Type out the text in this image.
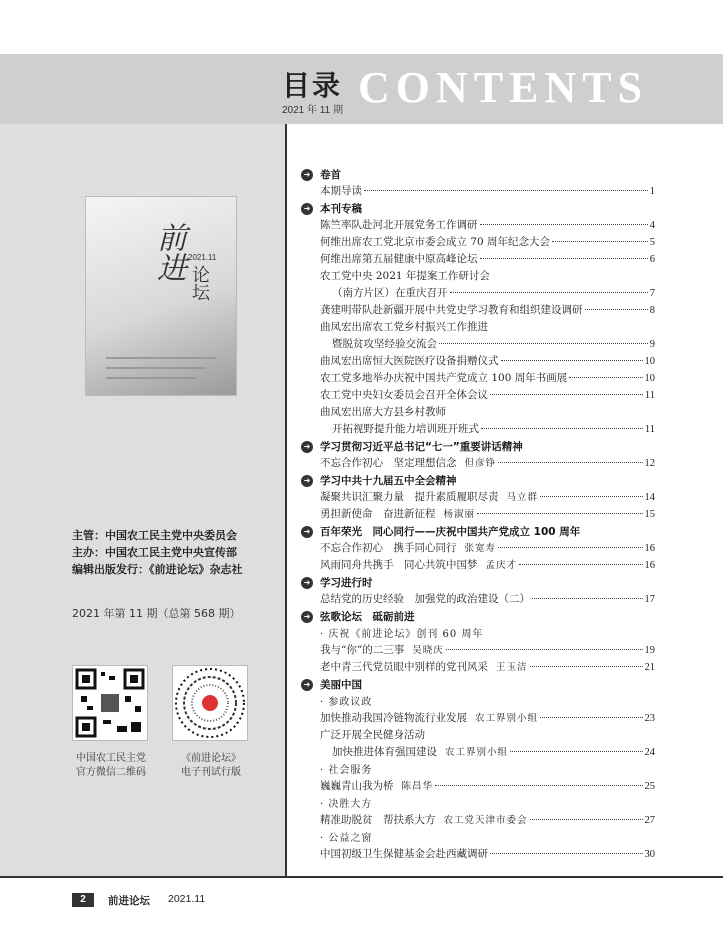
目录
2021 年 11 期 CONTENTS
前进 2021.11
论坛
主管：中国农工民主党中央委员会
主办：中国农工民主党中央宣传部
编辑出版发行：《前进论坛》杂志社
2021 年第 11 期（总第 568 期）
中国农工民主党
官方微信二维码
《前进论坛》
电子刊试行版
➜ 卷首
本期导读	1
➜ 本刊专稿
陈竺率队赴河北开展党务工作调研	4
何维出席农工党北京市委会成立 70 周年纪念大会	5
何维出席第五届健康中原高峰论坛	6
农工党中央 2021 年提案工作研讨会
（南方片区）在重庆召开	7
龚建明带队赴新疆开展中共党史学习教育和组织建设调研	8
曲凤宏出席农工党乡村振兴工作推进
暨脱贫攻坚经验交流会	9
曲凤宏出席恒大医院医疗设备捐赠仪式	10
农工党多地举办庆祝中国共产党成立 100 周年书画展	10
农工党中央妇女委员会召开全体会议	11
曲凤宏出席大方县乡村教师
开拓视野提升能力培训班开班式	11
➜ 学习贯彻习近平总书记“七一”重要讲话精神
不忘合作初心　坚定理想信念 但彦铮	12
➜ 学习中共十九届五中全会精神
凝聚共识汇聚力量　提升素质履职尽责 马立群	14
勇担新使命　奋进新征程 杨淑丽	15
➜ 百年荣光　同心同行——庆祝中国共产党成立 100 周年
不忘合作初心　携手同心同行 张宽寿	16
风雨同舟共携手　同心共筑中国梦 孟庆才	16
➜ 学习进行时
总结党的历史经验　加强党的政治建设（二）	17
➜ 弦歌论坛　砥砺前进
· 庆祝《前进论坛》创刊 60 周年
我与“你”的二三事 吴晓庆	19
老中青三代党员眼中别样的党刊风采 王玉洁	21
➜ 美丽中国
· 参政议政
加快推动我国冷链物流行业发展 农工界别小组	23
广泛开展全民健身活动
加快推进体育强国建设 农工界别小组	24
· 社会服务
巍巍青山我为桥 陈昌华	25
· 决胜大方
精准助脱贫　帮扶系大方 农工党天津市委会	27
· 公益之窗
中国初级卫生保健基金会赴西藏调研	30
2	前进论坛 2021.11
